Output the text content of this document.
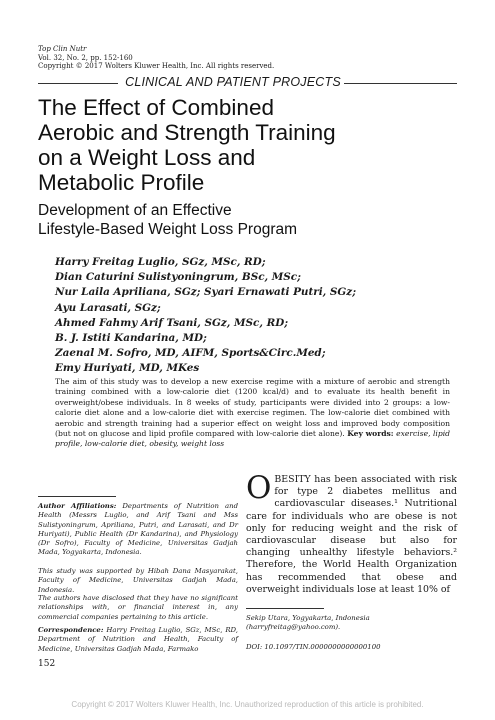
Top Clin Nutr
Vol. 32, No. 2, pp. 152-160
Copyright © 2017 Wolters Kluwer Health, Inc. All rights reserved.
CLINICAL AND PATIENT PROJECTS
The Effect of Combined
Aerobic and Strength Training
on a Weight Loss and
Metabolic Profile
Development of an Effective
Lifestyle-Based Weight Loss Program
Harry Freitag Luglio, SGz, MSc, RD;
Dian Caturini Sulistyoningrum, BSc, MSc;
Nur Laila Apriliana, SGz; Syari Ernawati Putri, SGz;
Ayu Larasati, SGz;
Ahmed Fahmy Arif Tsani, SGz, MSc, RD;
B. J. Istiti Kandarina, MD;
Zaenal M. Sofro, MD, AIFM, Sports&Circ.Med;
Emy Huriyati, MD, MKes
The aim of this study was to develop a new exercise regime with a mixture of aerobic and strength training combined with a low-calorie diet (1200 kcal/d) and to evaluate its health benefit in overweight/obese individuals. In 8 weeks of study, participants were divided into 2 groups: a low-calorie diet alone and a low-calorie diet with exercise regimen. The low-calorie diet combined with aerobic and strength training had a superior effect on weight loss and improved body composition (but not on glucose and lipid profile compared with low-calorie diet alone). Key words: exercise, lipid profile, low-calorie diet, obesity, weight loss
Author Affiliations: Departments of Nutrition and Health (Messrs Luglio, and Arif Tsani and Mss Sulistyoningrum, Apriliana, Putri, and Larasati, and Dr Huriyati), Public Health (Dr Kandarina), and Physiology (Dr Sofro), Faculty of Medicine, Universitas Gadjah Mada, Yogyakarta, Indonesia.
This study was supported by Hibah Dana Masyarakat, Faculty of Medicine, Universitas Gadjah Mada, Indonesia.
The authors have disclosed that they have no significant relationships with, or financial interest in, any commercial companies pertaining to this article.
Correspondence: Harry Freitag Luglio, SGz, MSc, RD, Department of Nutrition and Health, Faculty of Medicine, Universitas Gadjah Mada, Farmako
OBESITY has been associated with risk for type 2 diabetes mellitus and cardiovascular diseases.¹ Nutritional care for individuals who are obese is not only for reducing weight and the risk of cardiovascular disease but also for changing unhealthy lifestyle behaviors.² Therefore, the World Health Organization has recommended that obese and overweight individuals lose at least 10% of
Sekip Utara, Yogyakarta, Indonesia (harryfreitag@yahoo.com).
DOI: 10.1097/TIN.0000000000000100
152
Copyright © 2017 Wolters Kluwer Health, Inc. Unauthorized reproduction of this article is prohibited.
